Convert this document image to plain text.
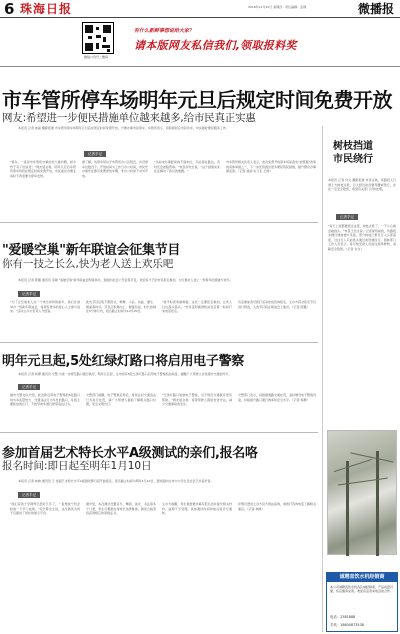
6 珠海日报	2018年11月22日 星期四 · 责任编辑：张健	微播报
微信公众号二维码
有什么新鲜事想说给大家？
请本版网友私信我们,领取报料奖
市车管所停车场明年元旦后规定时间免费开放
网友:希望进一步便民措施单位越来越多,给市民真正实惠
本报讯 记者 戚丽 摄影报道 市车管所停车场明年元旦后在规定时间免费开放，方便办事市民停车，车管所表示，将积极回应市民诉求，切实做好便民服务工作。
记者手记
"停车，一直是市车管所办事的老大难问题，如今终于有了好消息！"网友留言称，明年元旦后车管所停车场将在规定时间免费开放，市民前往办理业务时不再需要为停车发愁。
据了解，该停车场位于车管所办公区附近，共设停车位数百个。开放时间为工作日办公时间，市民凭办事凭证即可免费停放车辆，非办公时间不对外开放。
"以前来办事经常找不到车位，只能停在路边，有时还会被贴罚单。"市民李先生说，"这个措施实实在在解决了我们的难题。"
市车管所相关负责人表示，此次免费开放停车场是落实"放管服"改革的具体举措之一，下一步还将推出更多便民利民措施，提升群众办事满意度。（记者 戚丽 实习生 王婷）
"爱暖空巢"新年联谊会征集节目
你有一技之长么,快为老人送上欢乐吧
本报讯 记者 陈璐 通讯员 李敏 "爱暖空巢"新年联谊会即将举办，现面向社会公开征集节目，欢迎有才艺的市民报名参加，为空巢老人送上一份新年的温暖与欢乐。
记者手记
"为了让空巢老人过一个欢乐祥和的新年，我们计划举办一场新年联谊会，希望有更多的爱心人士参与进来。"活动主办方负责人介绍说。
此次节目征集不限形式，歌舞、小品、戏曲、器乐、朗诵等均可。节目应积极向上、健康有益，时长控制在5分钟以内，报名截止时间为12月20日。
"我平时喜欢唱粤剧，这次一定要报名参加，让老人们也高兴高兴。"市民张阿姨得知消息后第一时间打来电话报名。
有意参加者可拨打活动热线咨询报名，主办方将对报名节目进行筛选，入选节目将在联谊会上演出。（记者 陈璐）
明年元旦起,5处红绿灯路口将启用电子警察
本报讯 记者 杨柳 通讯员 交警 为进一步规范路口通行秩序，明年元旦起，全市将有5处红绿灯路口启用电子警察抓拍系统，提醒广大驾驶人自觉遵守交通信号灯。
记者手记
据市交警支队介绍，此次新启用电子警察的5处路口均为车流量较大、交通违法行为多发的路口，系统主要抓拍闯红灯、不按导向车道行驶等违法行为。
交警部门提醒，电子警察启用后，将依法对交通违法行为进行处罚，请广大驾驶人提前了解相关路口位置，安全文明出行。
"红绿灯路口加装电子警察，对于规范交通秩序很有帮助。"网友留言称，希望驾驶人都能自觉守法，减少交通事故的发生。
交警部门表示，将根据道路交通状况，适时增设电子警察设备，持续提升路口通行效率和安全水平。（记者 杨柳）
参加首届艺术特长水平A级测试的亲们,报名咯
报名时间:即日起至明年1月10日
本报讯 记者 林晓 通讯员 王 首届艺术特长水平A级测试即日起开始报名，报名截止时间为明年1月10日，测试面向全市中小学生及社会艺术爱好者。
记者手记
"我们家孩子学钢琴已经好几年了，一直想找个机会检验一下学习成果。"家长陈女士说，这次测试为孩子们提供了很好的展示平台。
据介绍，本次测试设置音乐、舞蹈、美术、书法等多个门类，考生可根据自身特长选择参加，测试合格者将获得相应的等级证书。
主办方提醒，考生须按要求填写报名表并提交相关材料，逾期不予受理，具体测试时间和地点将另行通知。
详情可登录主办方官方网站查询，或拨打咨询电话了解相关事宜。（记者 林晓）
树枝挡道
市民绕行
本报讯 记者 许文 摄影报道 市民反映，某路段人行道上方树枝过低，行人经过时需要弯腰或绕行，存在一定安全隐患，希望有关部门尽快处理。
记者手记
"每天上班都要经过这里，树枝太低了，一不小心就会碰到头。"市民王先生说。记者现场看到，该路段多棵行道树枝叶茂盛，部分树枝已垂至行人头部高度，过往行人只能低头通过或绕道而行。园林部门工作人员表示，将尽快安排人员前往现场修剪，消除安全隐患。（记者 许文）
诚聘直饮水机经销商
本公司诚聘直饮水机各区域经销商，产品质量可靠，售后服务完善，欢迎有意者来电洽谈合作。
电话：2581888
手机：18600873538
